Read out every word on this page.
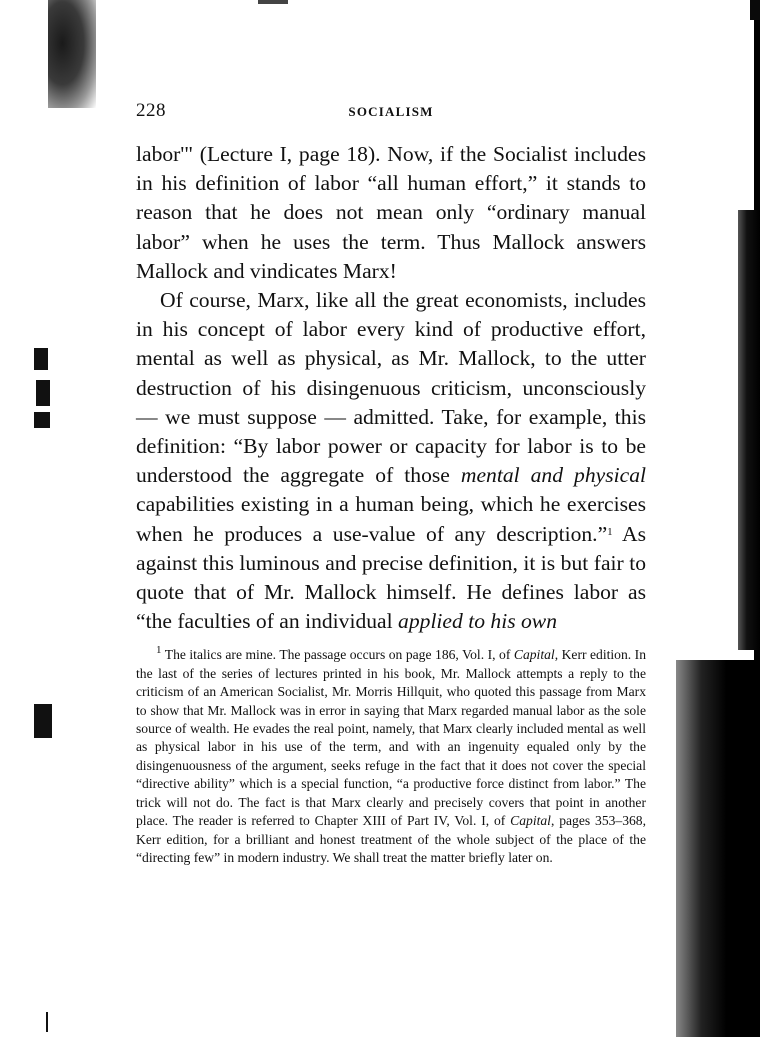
228	SOCIALISM

labor'" (Lecture I, page 18). Now, if the Socialist includes in his definition of labor “all human effort,” it stands to reason that he does not mean only “ordinary manual labor” when he uses the term. Thus Mallock answers Mallock and vindicates Marx!

Of course, Marx, like all the great economists, includes in his concept of labor every kind of productive effort, mental as well as physical, as Mr. Mallock, to the utter destruction of his disingenuous criticism, unconsciously — we must suppose — admitted. Take, for example, this definition: “By labor power or capacity for labor is to be understood the aggregate of those mental and physical capabilities existing in a human being, which he exercises when he produces a use-value of any description.”$^1$ As against this luminous and precise definition, it is but fair to quote that of Mr. Mallock himself. He defines labor as “the faculties of an individual applied to his own

$^1$ The italics are mine. The passage occurs on page 186, Vol. I, of Capital, Kerr edition. In the last of the series of lectures printed in his book, Mr. Mallock attempts a reply to the criticism of an American Socialist, Mr. Morris Hillquit, who quoted this passage from Marx to show that Mr. Mallock was in error in saying that Marx regarded manual labor as the sole source of wealth. He evades the real point, namely, that Marx clearly included mental as well as physical labor in his use of the term, and with an ingenuity equaled only by the disingenuousness of the argument, seeks refuge in the fact that it does not cover the special “directive ability” which is a special function, “a productive force distinct from labor.” The trick will not do. The fact is that Marx clearly and precisely covers that point in another place. The reader is referred to Chapter XIII of Part IV, Vol. I, of Capital, pages 353–368, Kerr edition, for a brilliant and honest treatment of the whole subject of the place of the “directing few” in modern industry. We shall treat the matter briefly later on.
